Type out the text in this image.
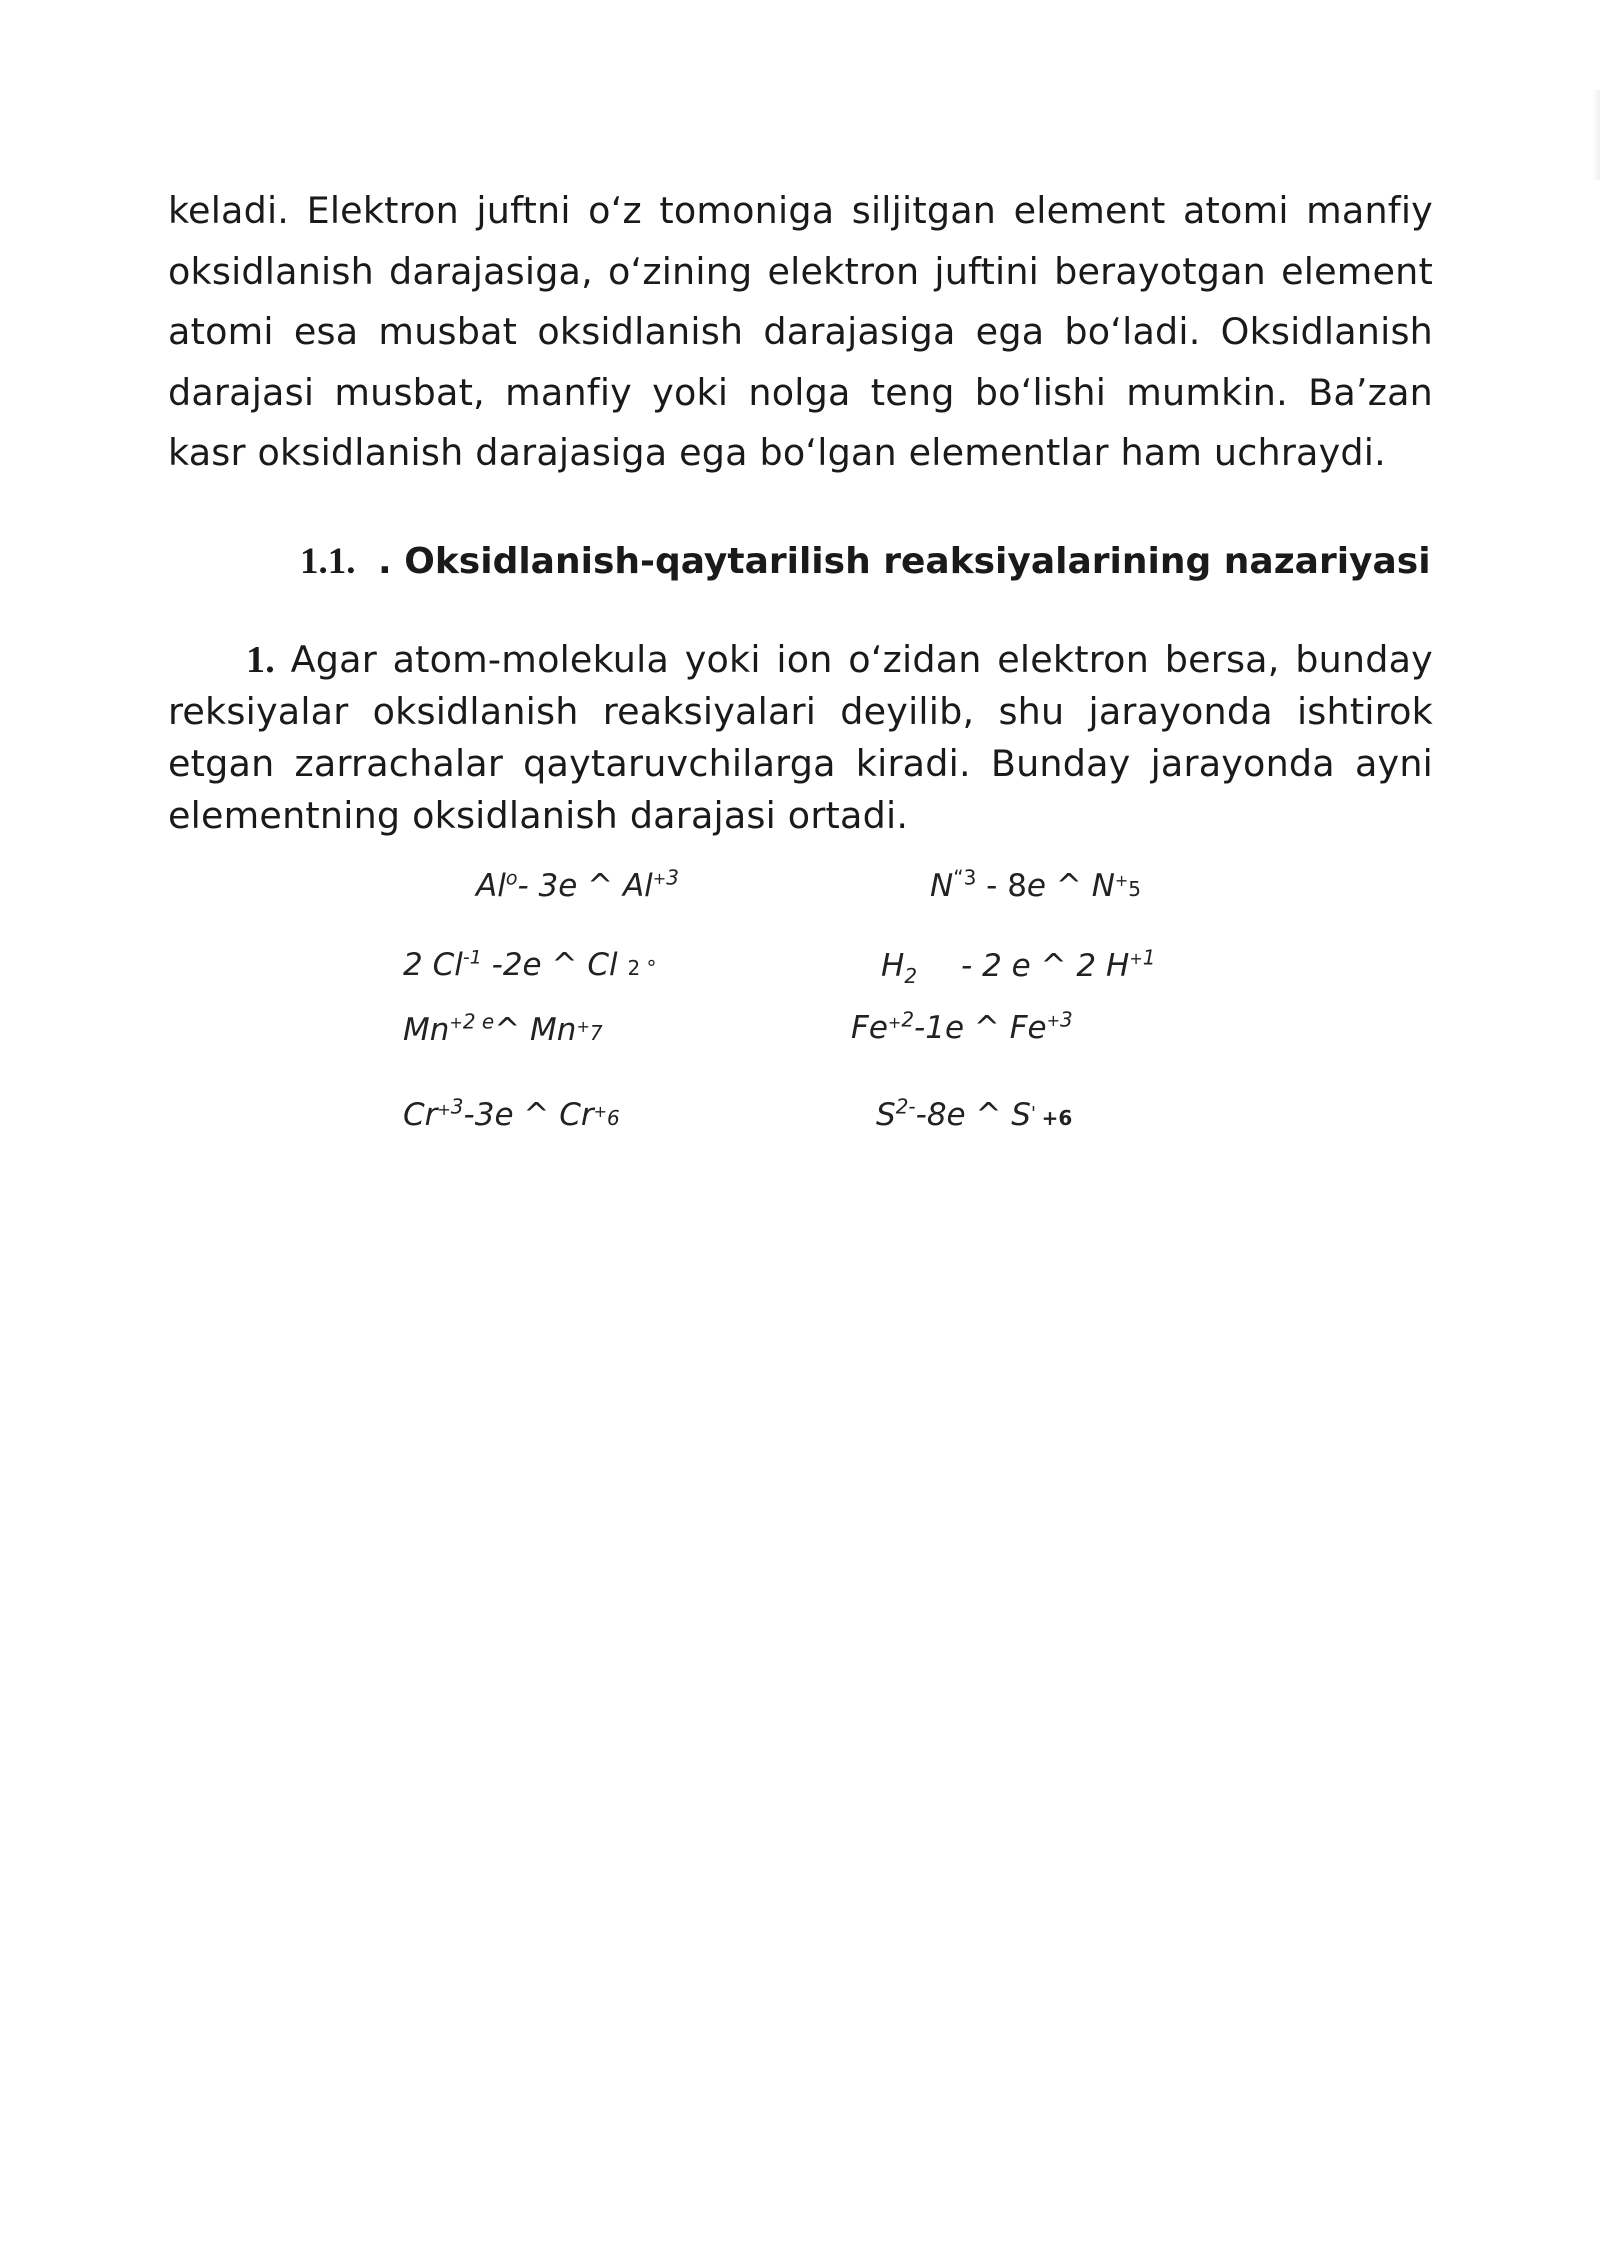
keladi. Elektron juftni o‘z tomoniga siljitgan element atomi manfiy oksidlanish darajasiga, o‘zining elektron juftini berayotgan element atomi esa musbat oksidlanish darajasiga ega bo‘ladi. Oksidlanish darajasi musbat, manfiy yoki nolga teng bo‘lishi mumkin. Ba’zan kasr oksidlanish darajasiga ega bo‘lgan elementlar ham uchraydi.

1.1. . Oksidlanish-qaytarilish reaksiyalarining nazariyasi

1. Agar atom-molekula yoki ion o‘zidan elektron bersa, bunday reksiyalar oksidlanish reaksiyalari deyilib, shu jarayonda ishtirok etgan zarrachalar qaytaruvchilarga kiradi. Bunday jarayonda ayni elementning oksidlanish darajasi ortadi.

Al$^o$- 3e ^ $Al^{+3}$	$N^{“3} - 8e$ ^ N+5
2 $Cl^{-1}$ -2e ^ Cl 2 °	$H_2 - 2$ e ^ 2 $H^{+1}$
$Mn^{+2 e}\^{}$ Mn+7	$Fe^{+2}-1e$ ^ $Fe^{+3}$
$Cr^{+3}-3e$ ^ Cr+6	$S^{2-}-8e$ ^ S' +6
